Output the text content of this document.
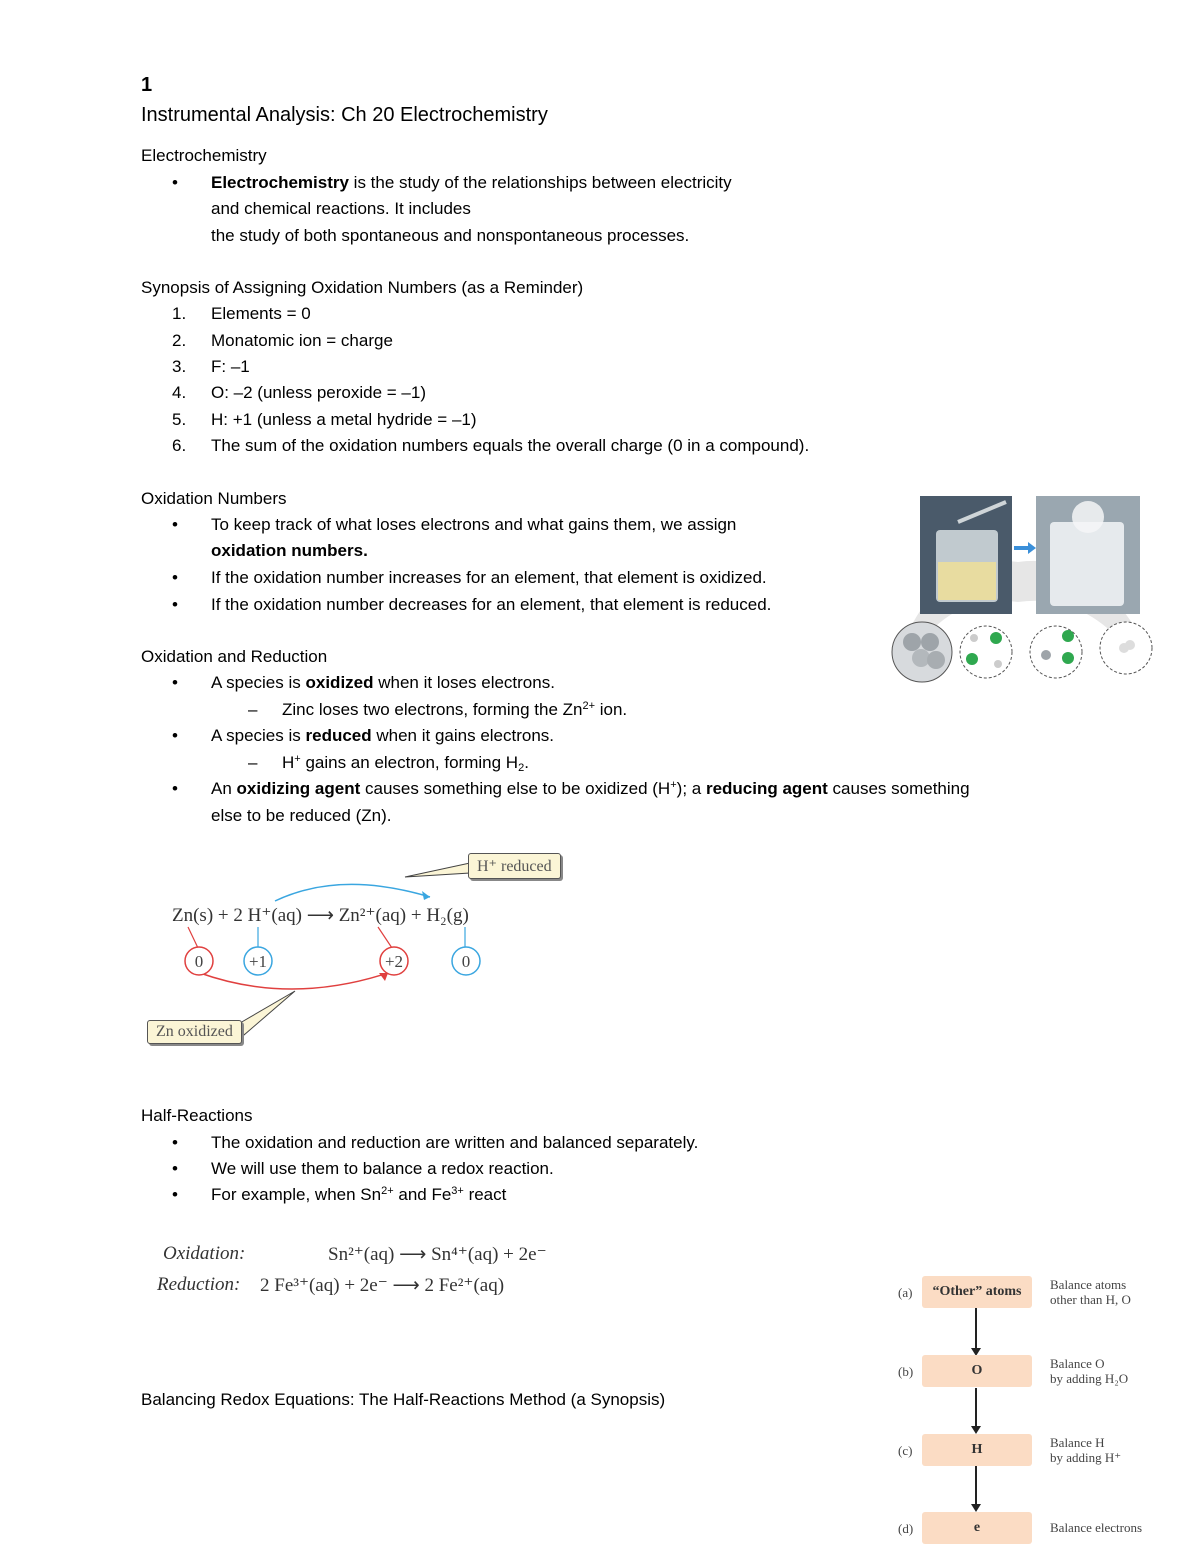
1
Instrumental Analysis: Ch 20 Electrochemistry
Electrochemistry
• Electrochemistry is the study of the relationships between electricity
and chemical reactions. It includes
the study of both spontaneous and nonspontaneous processes.
Synopsis of Assigning Oxidation Numbers (as a Reminder)
1.	Elements = 0
2.	Monatomic ion = charge
3.	F: –1
4.	O: –2 (unless peroxide = –1)
5.	H: +1 (unless a metal hydride = –1)
6.	The sum of the oxidation numbers equals the overall charge (0 in a compound).
Oxidation Numbers
• To keep track of what loses electrons and what gains them, we assign
oxidation numbers.
• If the oxidation number increases for an element, that element is oxidized.
• If the oxidation number decreases for an element, that element is reduced.
Oxidation and Reduction
• A species is oxidized when it loses electrons.
– Zinc loses two electrons, forming the $Zn^{2+}$ ion.
• A species is reduced when it gains electrons.
– H+ gains an electron, forming $H_2$.
• An oxidizing agent causes something else to be oxidized (H+); a reducing agent causes something
else to be reduced (Zn).
0	+1	+2	0
Zn(s) + 2 H⁺(aq) ⟶ Zn²⁺(aq) + H₂(g)
H⁺ reduced
Zn oxidized
Half-Reactions
• The oxidation and reduction are written and balanced separately.
• We will use them to balance a redox reaction.
• For example, when $Sn^{2+}$ and $Fe^{3+}$ react
Oxidation:	Sn²⁺(aq) ⟶ Sn⁴⁺(aq) + 2e⁻
Reduction: 2 Fe³⁺(aq) + 2e⁻ ⟶ 2 Fe²⁺(aq)
Balancing Redox Equations: The Half-Reactions Method (a Synopsis)
(a)	“Other” atoms	Balance atoms
other than H, O
(b)	O	Balance O
by adding H₂O
(c)	H	Balance H
by adding H⁺
(d)	e	Balance electrons
